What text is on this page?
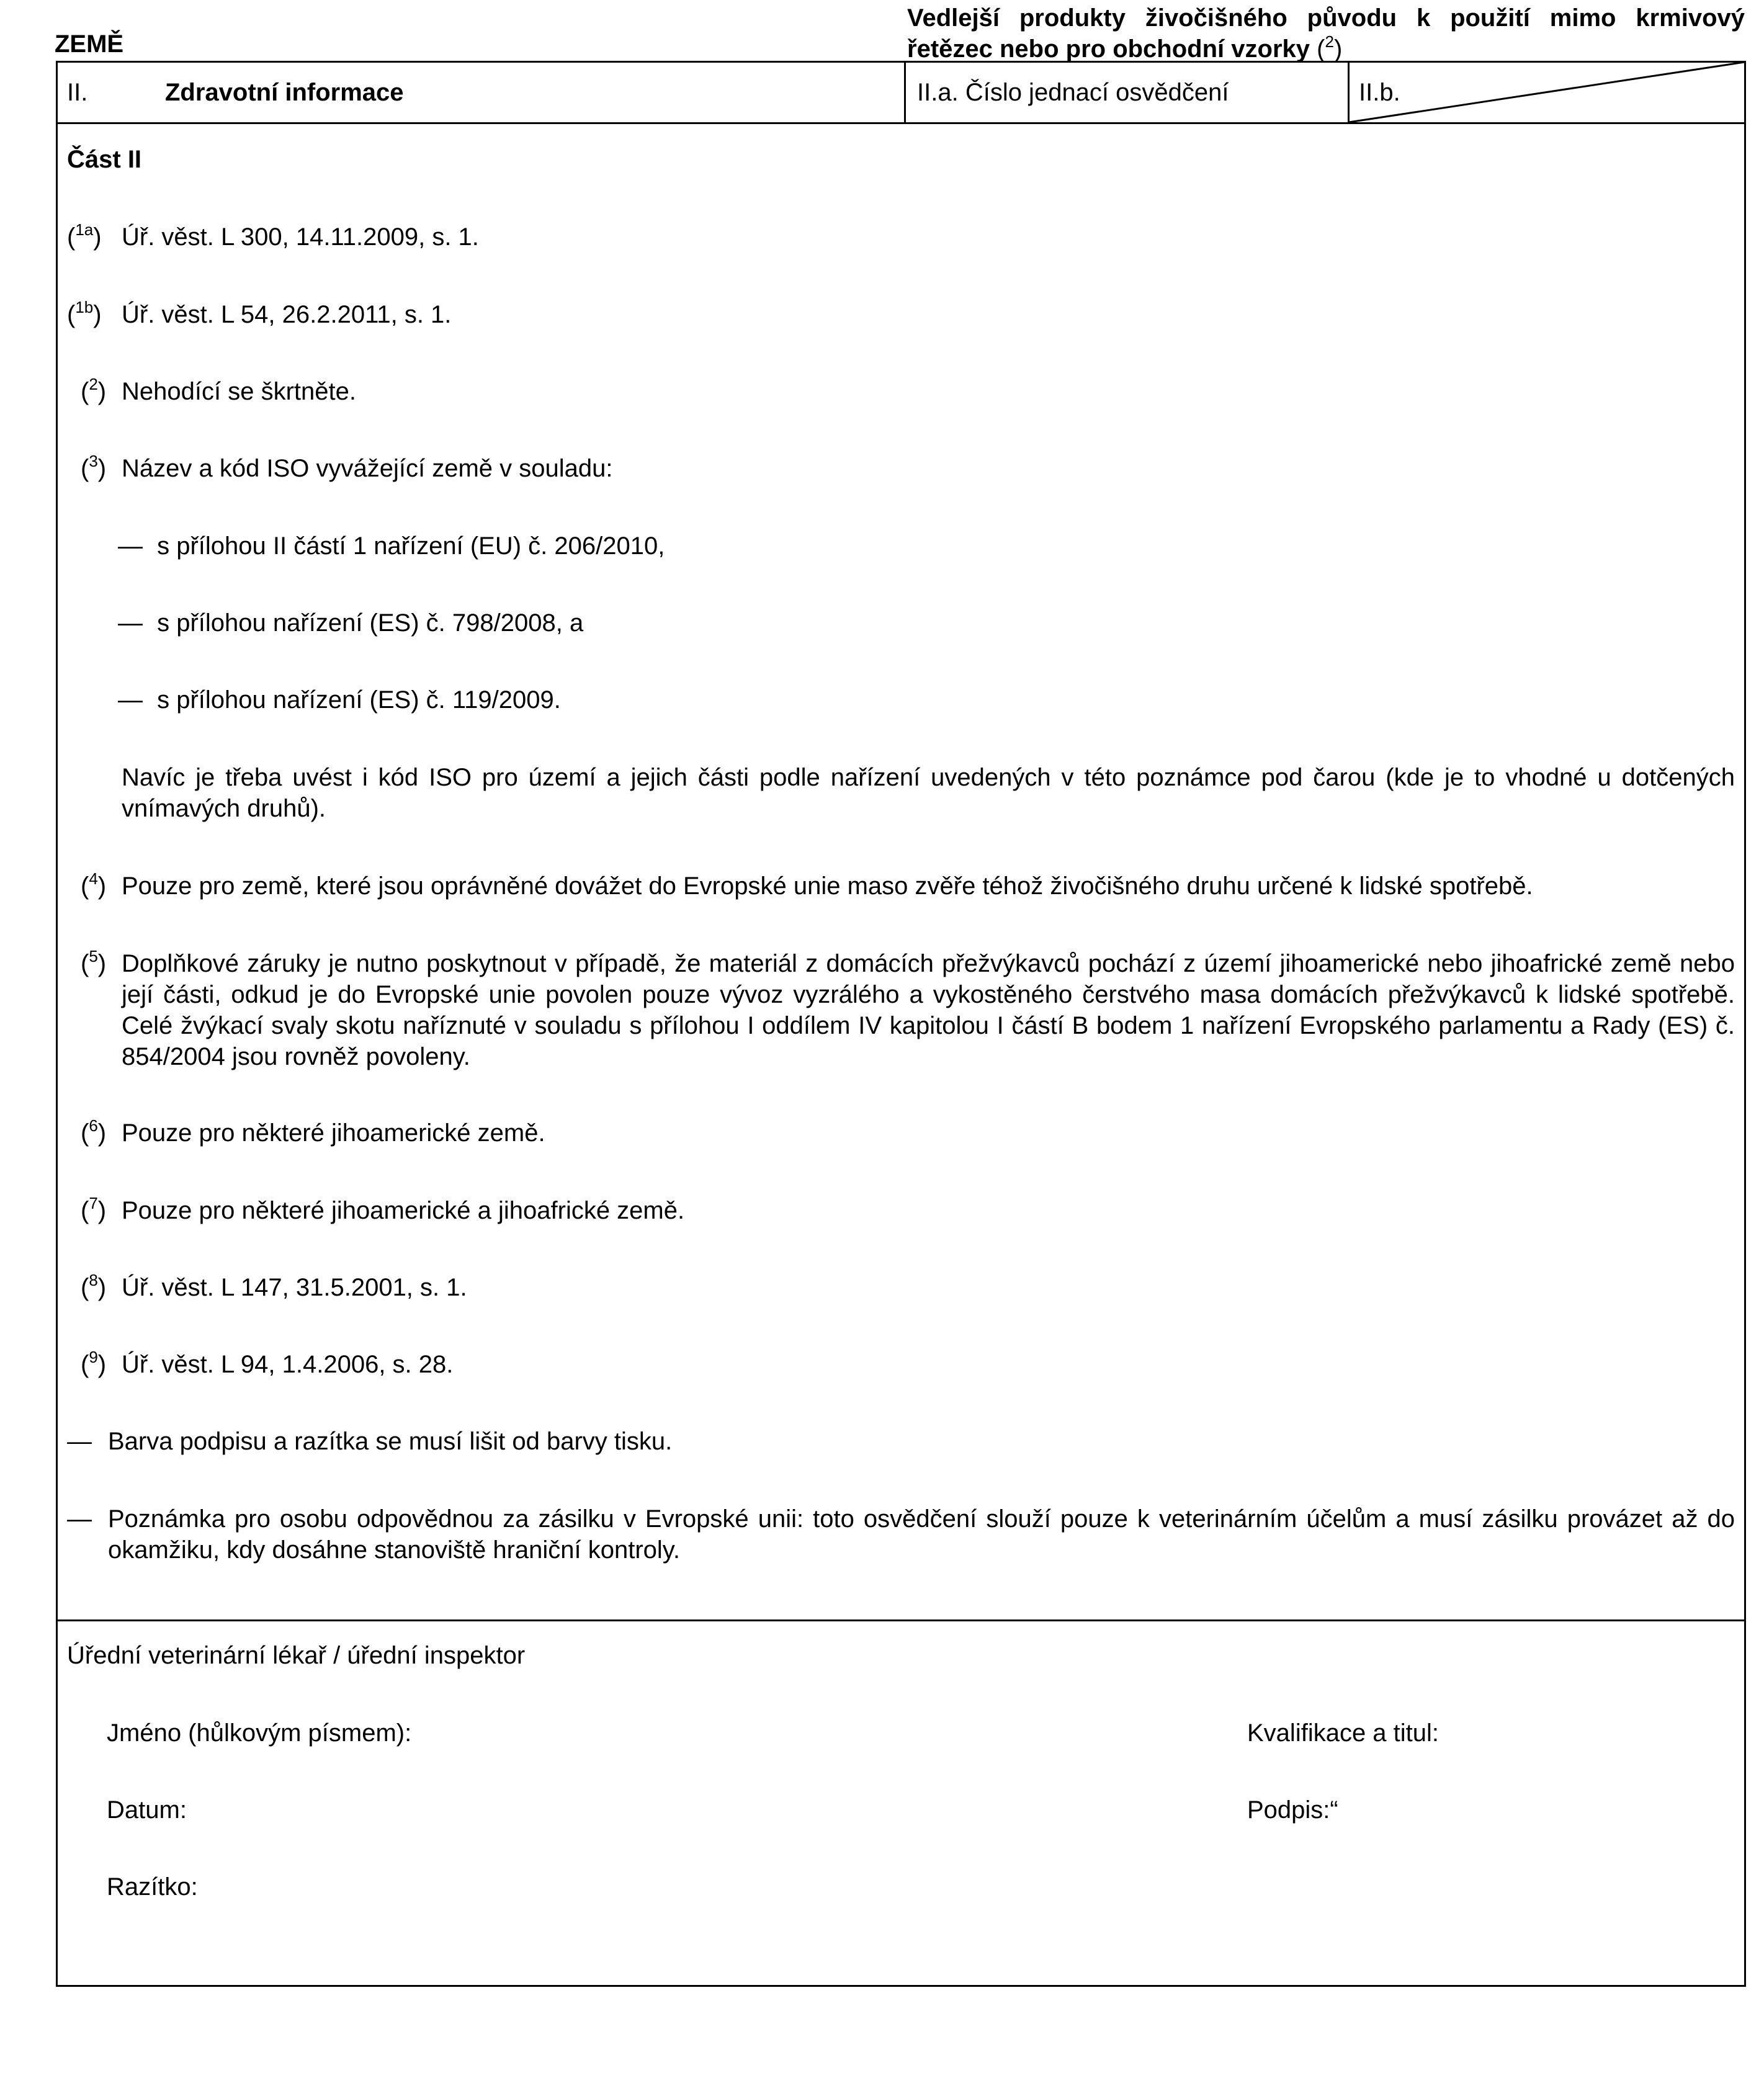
ZEMĚ
Vedlejší produkty živočišného původu k použití mimo krmivový
řetězec nebo pro obchodní vzorky ($^2$)
II.	Zdravotní informace	II.a. Číslo jednací osvědčení	II.b.
Část II
($^{1a}$) Úř. věst. L 300, 14.11.2009, s. 1.
($^{1b}$) Úř. věst. L 54, 26.2.2011, s. 1.
($^2$) Nehodící se škrtněte.
($^3$) Název a kód ISO vyvážející země v souladu:
— s přílohou II částí 1 nařízení (EU) č. 206/2010,
— s přílohou nařízení (ES) č. 798/2008, a
— s přílohou nařízení (ES) č. 119/2009.
Navíc je třeba uvést i kód ISO pro území a jejich části podle nařízení uvedených v této poznámce pod čarou (kde je to vhodné u dotčených vnímavých druhů).
($^4$) Pouze pro země, které jsou oprávněné dovážet do Evropské unie maso zvěře téhož živočišného druhu určené k lidské spotřebě.
($^5$) Doplňkové záruky je nutno poskytnout v případě, že materiál z domácích přežvýkavců pochází z území jihoamerické nebo jihoafrické země nebo její části, odkud je do Evropské unie povolen pouze vývoz vyzrálého a vykostěného čerstvého masa domácích přežvýkavců k lidské spotřebě. Celé žvýkací svaly skotu naříznuté v souladu s přílohou I oddílem IV kapitolou I částí B bodem 1 nařízení Evropského parlamentu a Rady (ES) č. 854/2004 jsou rovněž povoleny.
($^6$) Pouze pro některé jihoamerické země.
($^7$) Pouze pro některé jihoamerické a jihoafrické země.
($^8$) Úř. věst. L 147, 31.5.2001, s. 1.
($^9$) Úř. věst. L 94, 1.4.2006, s. 28.
— Barva podpisu a razítka se musí lišit od barvy tisku.
— Poznámka pro osobu odpovědnou za zásilku v Evropské unii: toto osvědčení slouží pouze k veterinárním účelům a musí zásilku provázet až do okamžiku, kdy dosáhne stanoviště hraniční kontroly.
Úřední veterinární lékař / úřední inspektor
Jméno (hůlkovým písmem):	Kvalifikace a titul:
Datum:	Podpis:“
Razítko:
